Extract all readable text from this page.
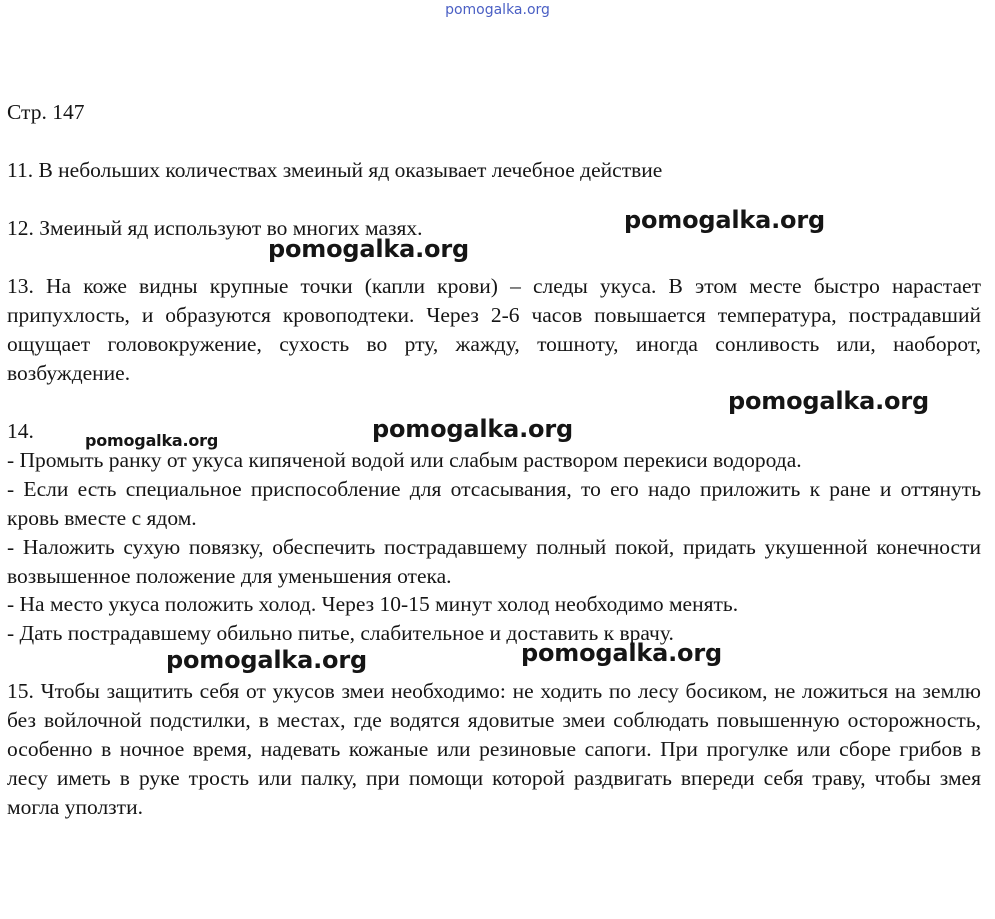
pomogalka.org

Стр. 147

11. В небольших количествах змеиный яд оказывает лечебное действие

12. Змеиный яд используют во многих мазях.

13. На коже видны крупные точки (капли крови) – следы укуса. В этом месте быстро нарастает припухлость, и образуются кровоподтеки. Через 2-6 часов повышается температура, пострадавший ощущает головокружение, сухость во рту, жажду, тошноту, иногда сонливость или, наоборот, возбуждение.

14.

- Промыть ранку от укуса кипяченой водой или слабым раствором перекиси водорода.

- Если есть специальное приспособление для отсасывания, то его надо приложить к ране и оттянуть кровь вместе с ядом.

- Наложить сухую повязку, обеспечить пострадавшему полный покой, придать укушенной конечности возвышенное положение для уменьшения отека.

- На место укуса положить холод. Через 10-15 минут холод необходимо менять.

- Дать пострадавшему обильно питье, слабительное и доставить к врачу.

15. Чтобы защитить себя от укусов змеи необходимо: не ходить по лесу босиком, не ложиться на землю без войлочной подстилки, в местах, где водятся ядовитые змеи соблюдать повышенную осторожность, особенно в ночное время, надевать кожаные или резиновые сапоги. При прогулке или сборе грибов в лесу иметь в руке трость или палку, при помощи которой раздвигать впереди себя траву, чтобы змея могла уползти.

pomogalka.org
pomogalka.org
pomogalka.org
pomogalka.org
pomogalka.org
pomogalka.org	pomogalka.org
